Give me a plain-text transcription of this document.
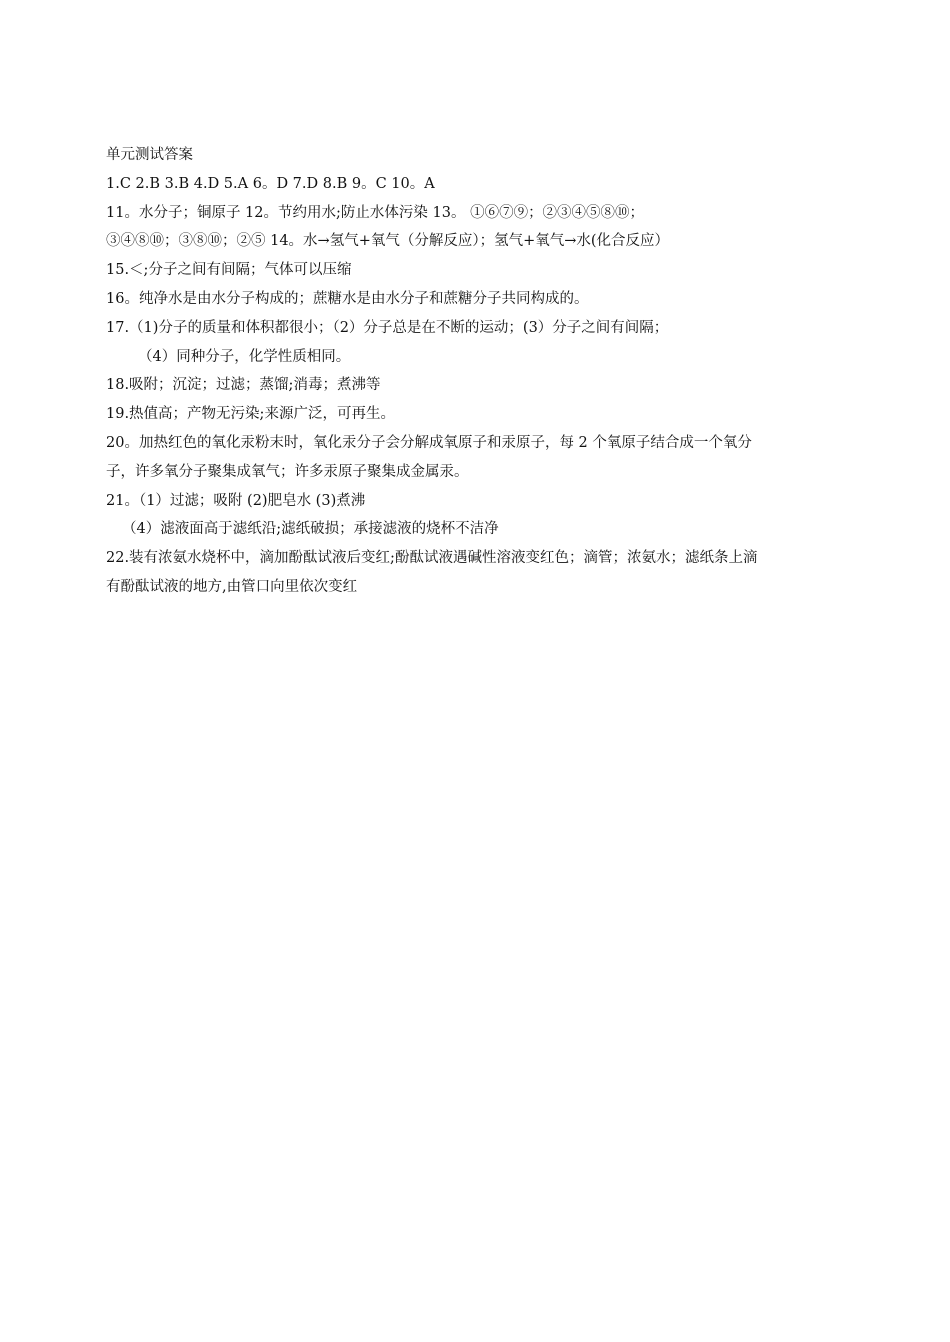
单元测试答案
1.C 2.B 3.B 4.D 5.A 6。D 7.D 8.B 9。C 10。A
11。水分子；铜原子 12。节约用水;防止水体污染 13。 ①⑥⑦⑨；②③④⑤⑧⑩；
③④⑧⑩；③⑧⑩；②⑤ 14。水→氢气+氧气（分解反应）；氢气+氧气→水(化合反应）
15.＜;分子之间有间隔；气体可以压缩
16。纯净水是由水分子构成的；蔗糖水是由水分子和蔗糖分子共同构成的。
17.（1)分子的质量和体积都很小；（2）分子总是在不断的运动；(3）分子之间有间隔；
（4）同种分子，化学性质相同。
18.吸附；沉淀；过滤；蒸馏;消毒；煮沸等
19.热值高；产物无污染;来源广泛，可再生。
20。加热红色的氧化汞粉末时，氧化汞分子会分解成氧原子和汞原子，每 2 个氧原子结合成一个氧分
子，许多氧分子聚集成氧气；许多汞原子聚集成金属汞。
21。（1）过滤；吸附 (2)肥皂水 (3)煮沸
（4）滤液面高于滤纸沿;滤纸破损；承接滤液的烧杯不洁净
22.装有浓氨水烧杯中，滴加酚酞试液后变红;酚酞试液遇碱性溶液变红色；滴管；浓氨水；滤纸条上滴
有酚酞试液的地方,由管口向里依次变红
